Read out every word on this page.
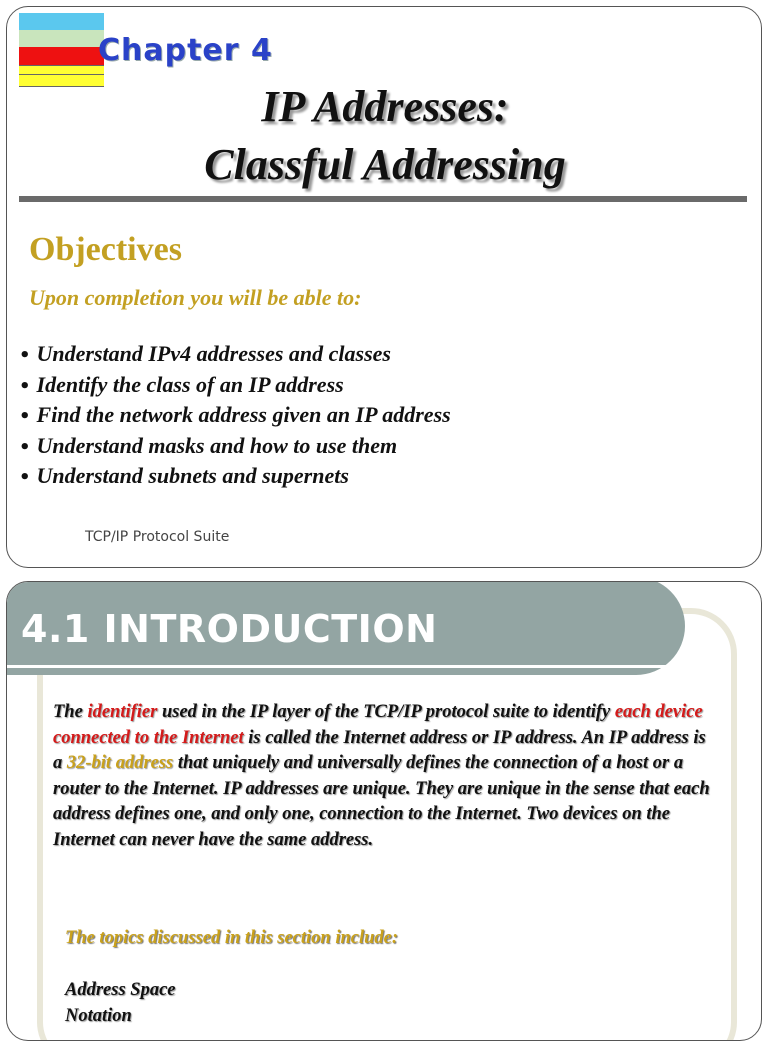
Chapter 4
IP Addresses:
Classful Addressing
Objectives
Upon completion you will be able to:
• Understand IPv4 addresses and classes
• Identify the class of an IP address
• Find the network address given an IP address
• Understand masks and how to use them
• Understand subnets and supernets
TCP/IP Protocol Suite
4.1 INTRODUCTION
The identifier used in the IP layer of the TCP/IP protocol suite to identify each device connected to the Internet is called the Internet address or IP address. An IP address is a 32-bit address that uniquely and universally defines the connection of a host or a router to the Internet. IP addresses are unique. They are unique in the sense that each address defines one, and only one, connection to the Internet. Two devices on the Internet can never have the same address.
The topics discussed in this section include:
Address Space
Notation
